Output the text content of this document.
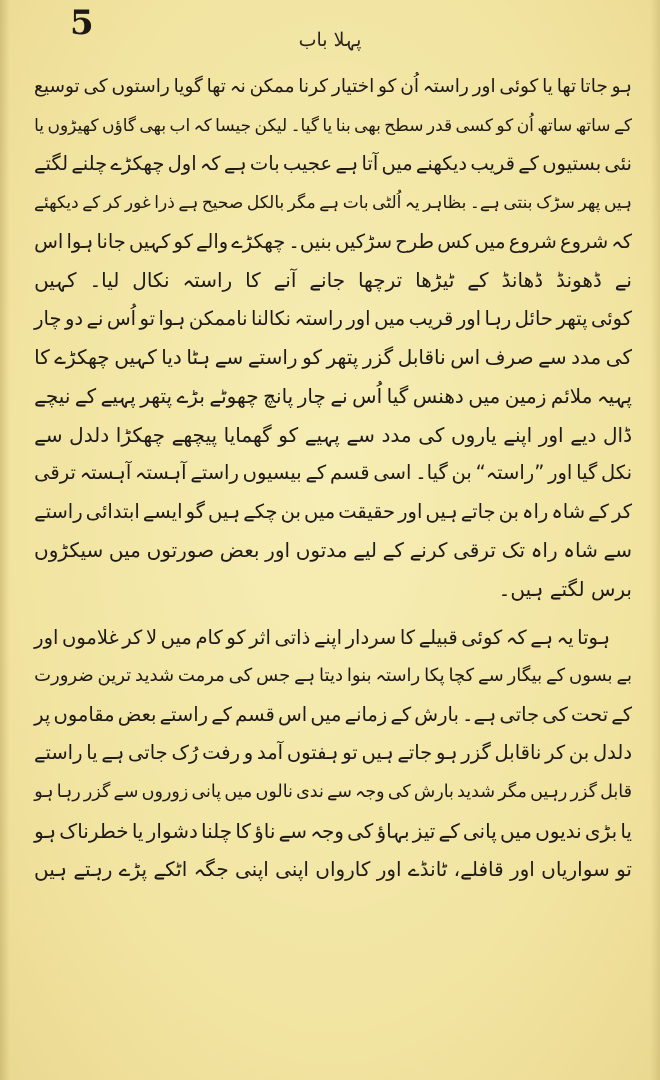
5	پہلا باب
ہو
جاتا
تھا
یا
کوئی
اور
راستہ
اُن
کو
اختیار
کرنا
ممکن
نہ
تھا
گویا
راستوں
کی
توسیع
کے
ساتھ
ساتھ
اُن
کو
کسی
قدر
سطح
بھی
بنا
یا
گیا۔
لیکن
جیسا
کہ
اب
بھی
گاؤں
کھیڑوں
یا
نئی
بستیوں
کے
قریب
دیکھنے
میں
آتا
ہے
عجیب
بات
ہے
کہ
اول
چھکڑے
چلنے
لگتے
ہیں
پھر
سڑک
بنتی
ہے۔
بظاہر
یہ
اُلٹی
بات
ہے
مگر
بالکل
صحیح
ہے
ذرا
غور
کر
کے
دیکھئے
کہ
شروع
شروع
میں
کس
طرح
سڑکیں
بنیں۔
چھکڑے
والے
کو
کہیں
جانا
ہوا
اس
نے
ڈھونڈ
ڈھانڈ
کے
ٹیڑھا
ترچھا
جانے
آنے
کا
راستہ
نکال
لیا۔
کہیں
کوئی
پتھر
حائل
رہا
اور
قریب
میں
اور
راستہ
نکالنا
ناممکن
ہوا
تو
اُس
نے
دو
چار
کی
مدد
سے
صرف
اس
ناقابل
گزر
پتھر
کو
راستے
سے
ہٹا
دیا
کہیں
چھکڑے
کا
پہیہ
ملائم
زمین
میں
دھنس
گیا
اُس
نے
چار
پانچ
چھوٹے
بڑے
پتھر
پہیے
کے
نیچے
ڈال
دیے
اور
اپنے
یاروں
کی
مدد
سے
پہیے
کو
گھمایا
پیچھے
چھکڑا
دلدل
سے
نکل
گیا
اور
”راستہ“
بن
گیا۔
اسی
قسم
کے
بیسیوں
راستے
آہستہ
آہستہ
ترقی
کر
کے
شاہ
راہ
بن
جاتے
ہیں
اور
حقیقت
میں
بن
چکے
ہیں
گو
ایسے
ابتدائی
راستے
سے
شاہ
راہ
تک
ترقی
کرنے
کے
لیے
مدتوں
اور
بعض
صورتوں
میں
سیکڑوں
برس لگتے ہیں۔
ہوتا
یہ
ہے
کہ
کوئی
قبیلے
کا
سردار
اپنے
ذاتی
اثر
کو
کام
میں
لا
کر
غلاموں
اور
بے
بسوں
کے
بیگار
سے
کچا
پکا
راستہ
بنوا
دیتا
ہے
جس
کی
مرمت
شدید
ترین
ضرورت
کے
تحت
کی
جاتی
ہے۔
بارش
کے
زمانے
میں
اس
قسم
کے
راستے
بعض
مقاموں
پر
دلدل
بن
کر
ناقابل
گزر
ہو
جاتے
ہیں
تو
ہفتوں
آمد
و
رفت
رُک
جاتی
ہے
یا
راستے
قابل
گزر
رہیں
مگر
شدید
بارش
کی
وجہ
سے
ندی
نالوں
میں
پانی
زوروں
سے
گزر
رہا
ہو
یا
بڑی
ندیوں
میں
پانی
کے
تیز
بہاؤ
کی
وجہ
سے
ناؤ
کا
چلنا
دشوار
یا
خطرناک
ہو
تو
سواریاں
اور
قافلے،
ٹانڈے
اور
کارواں
اپنی
اپنی
جگہ
اٹکے
پڑے
رہتے
ہیں
